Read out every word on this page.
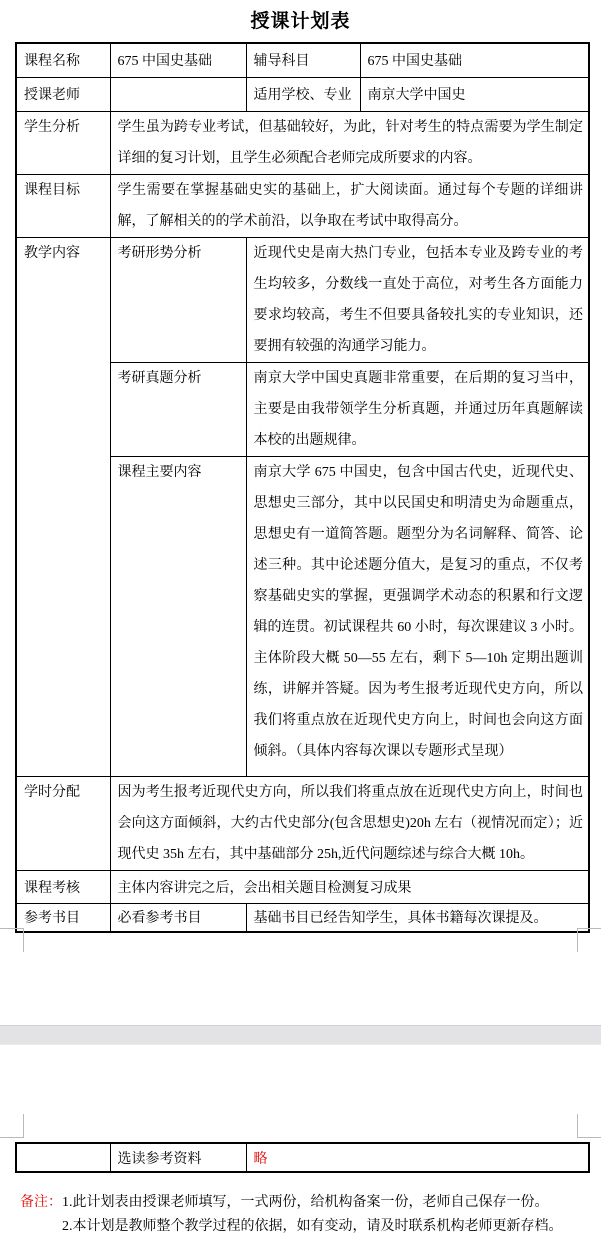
授课计划表
课程名称	675 中国史基础	辅导科目	675 中国史基础
授课老师		适用学校、专业	南京大学中国史
学生分析	学生虽为跨专业考试，但基础较好，为此，针对考生的特点需要为学生制定详细的复习计划，且学生必须配合老师完成所要求的内容。		
课程目标	学生需要在掌握基础史实的基础上，扩大阅读面。通过每个专题的详细讲解，了解相关的的学术前沿，以争取在考试中取得高分。		
教学内容	考研形势分析	近现代史是南大热门专业，包括本专业及跨专业的考生均较多，分数线一直处于高位，对考生各方面能力要求均较高，考生不但要具备较扎实的专业知识，还要拥有较强的沟通学习能力。	
	考研真题分析	南京大学中国史真题非常重要，在后期的复习当中，主要是由我带领学生分析真题，并通过历年真题解读本校的出题规律。	
	课程主要内容	南京大学 675 中国史，包含中国古代史，近现代史、思想史三部分，其中以民国史和明清史为命题重点，思想史有一道简答题。题型分为名词解释、简答、论述三种。其中论述题分值大，是复习的重点，不仅考察基础史实的掌握，更强调学术动态的积累和行文逻辑的连贯。初试课程共 60 小时，每次课建议 3 小时。主体阶段大概 50—55 左右，剩下 5—10h 定期出题训练，讲解并答疑。因为考生报考近现代史方向，所以我们将重点放在近现代史方向上，时间也会向这方面倾斜。（具体内容每次课以专题形式呈现）	
学时分配	因为考生报考近现代史方向，所以我们将重点放在近现代史方向上，时间也会向这方面倾斜，大约古代史部分(包含思想史)20h 左右（视情况而定）；近现代史 35h 左右，其中基础部分 25h,近代问题综述与综合大概 10h。		
课程考核	主体内容讲完之后，会出相关题目检测复习成果		
参考书目	必看参考书目	基础书目已经告知学生，具体书籍每次课提及。	
	选读参考资料	略
备注： 1.此计划表由授课老师填写，一式两份，给机构备案一份，老师自己保存一份。
2.本计划是教师整个教学过程的依据，如有变动，请及时联系机构老师更新存档。
